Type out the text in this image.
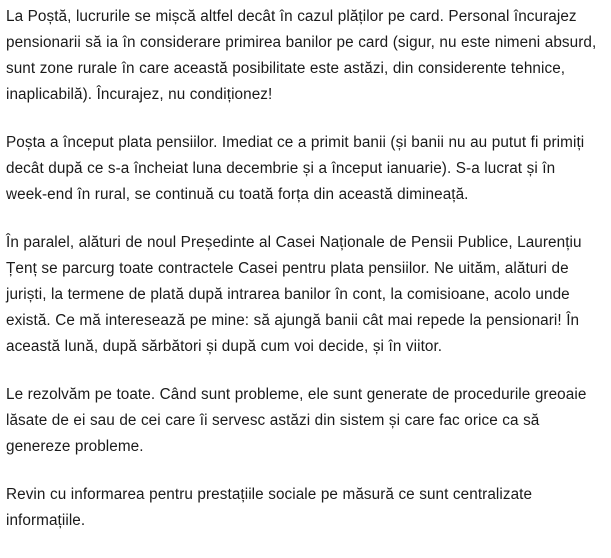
La Poștă, lucrurile se mișcă altfel decât în cazul plăților pe card. Personal încurajez pensionarii să ia în considerare primirea banilor pe card (sigur, nu este nimeni absurd, sunt zone rurale în care această posibilitate este astăzi, din considerente tehnice, inaplicabilă). Încurajez, nu condiționez!

Poșta a început plata pensiilor. Imediat ce a primit banii (și banii nu au putut fi primiți decât după ce s-a încheiat luna decembrie și a început ianuarie). S-a lucrat și în week-end în rural, se continuă cu toată forța din această dimineață.

În paralel, alături de noul Președinte al Casei Naționale de Pensii Publice, Laurențiu Țenț se parcurg toate contractele Casei pentru plata pensiilor. Ne uităm, alături de juriști, la termene de plată după intrarea banilor în cont, la comisioane, acolo unde există. Ce mă interesează pe mine: să ajungă banii cât mai repede la pensionari! În această lună, după sărbători și după cum voi decide, și în viitor.

Le rezolvăm pe toate. Când sunt probleme, ele sunt generate de procedurile greoaie lăsate de ei sau de cei care îi servesc astăzi din sistem și care fac orice ca să genereze probleme.

Revin cu informarea pentru prestațiile sociale pe măsură ce sunt centralizate informațiile.
